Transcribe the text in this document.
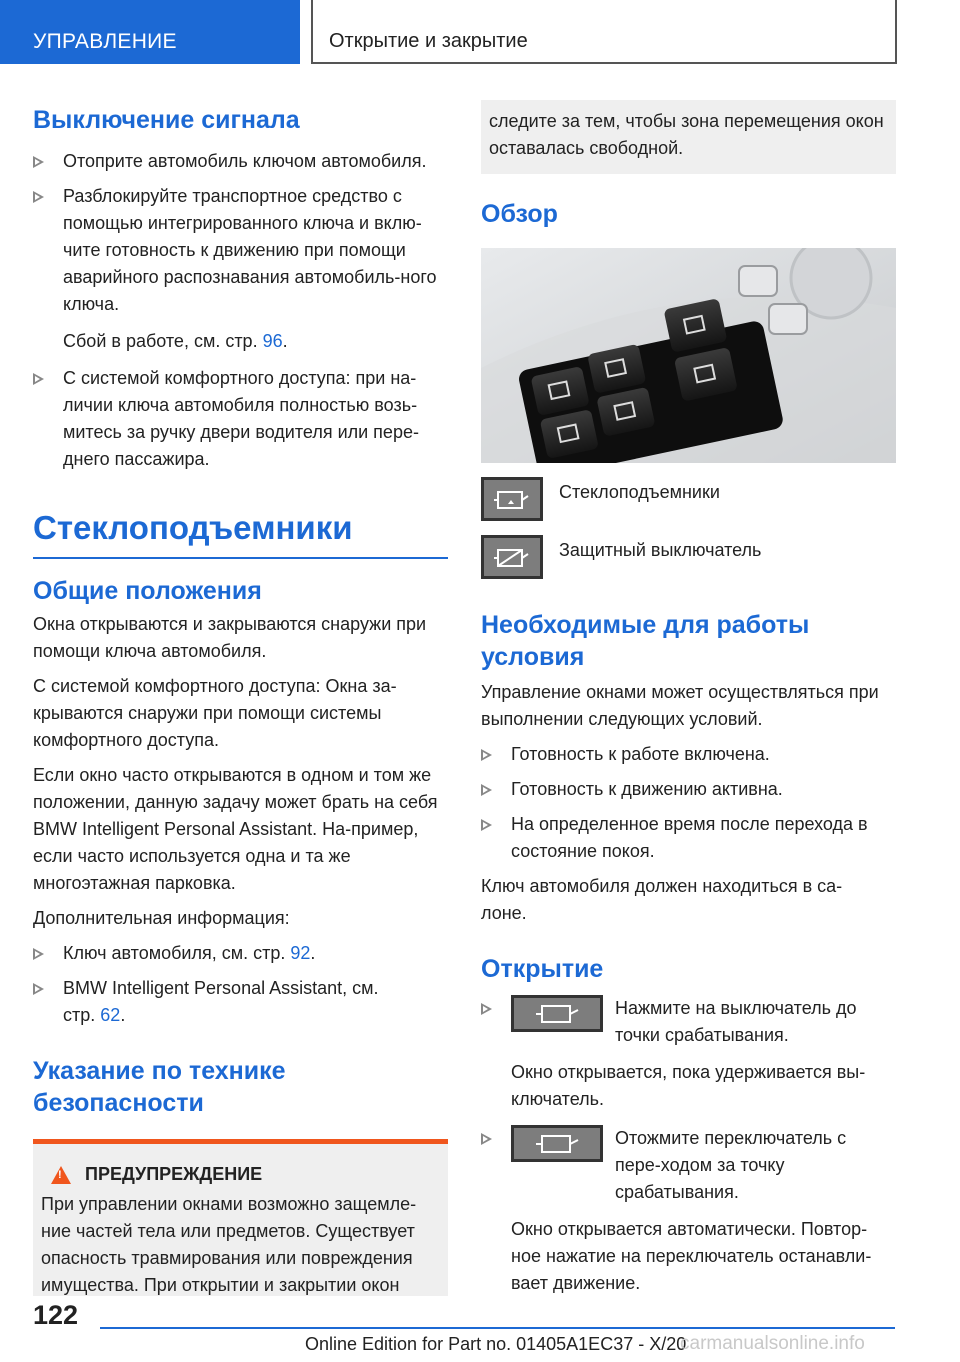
УПРАВЛЕНИЕ	Открытие и закрытие
Выключение сигнала
Отоприте автомобиль ключом автомобиля.
Разблокируйте транспортное средство с помощью интегрированного ключа и вклю-чите готовность к движению при помощи аварийного распознавания автомобиль-ного ключа.
Сбой в работе, см. стр. 96.
С системой комфортного доступа: при на-личии ключа автомобиля полностью возь-митесь за ручку двери водителя или пере-днего пассажира.
Стеклоподъемники
Общие положения
Окна открываются и закрываются снаружи при помощи ключа автомобиля.
С системой комфортного доступа: Окна за-крываются снаружи при помощи системы комфортного доступа.
Если окно часто открываются в одном и том же положении, данную задачу может брать на себя BMW Intelligent Personal Assistant. На-пример, если часто используется одна и та же многоэтажная парковка.
Дополнительная информация:
Ключ автомобиля, см. стр. 92.
BMW Intelligent Personal Assistant, см. стр. 62.
Указание по технике безопасности
!
ПРЕДУПРЕЖДЕНИЕ
При управлении окнами возможно защемле-ние частей тела или предметов. Существует опасность травмирования или повреждения имущества. При открытии и закрытии окон
следите за тем, чтобы зона перемещения окон оставалась свободной.
Обзор
Стеклоподъемники
Защитный выключатель
Необходимые для работы условия
Управление окнами может осуществляться при выполнении следующих условий.
Готовность к работе включена.
Готовность к движению активна.
На определенное время после перехода в состояние покоя.
Ключ автомобиля должен находиться в са-лоне.
Открытие
Нажмите на выключатель до точки срабатывания.
Окно открывается, пока удерживается вы-ключатель.
Отожмите переключатель с пере-ходом за точку срабатывания.
Окно открывается автоматически. Повтор-ное нажатие на переключатель останавли-вает движение.
122
Online Edition for Part no. 01405A1EC37 - X/20
carmanualsonline.info
